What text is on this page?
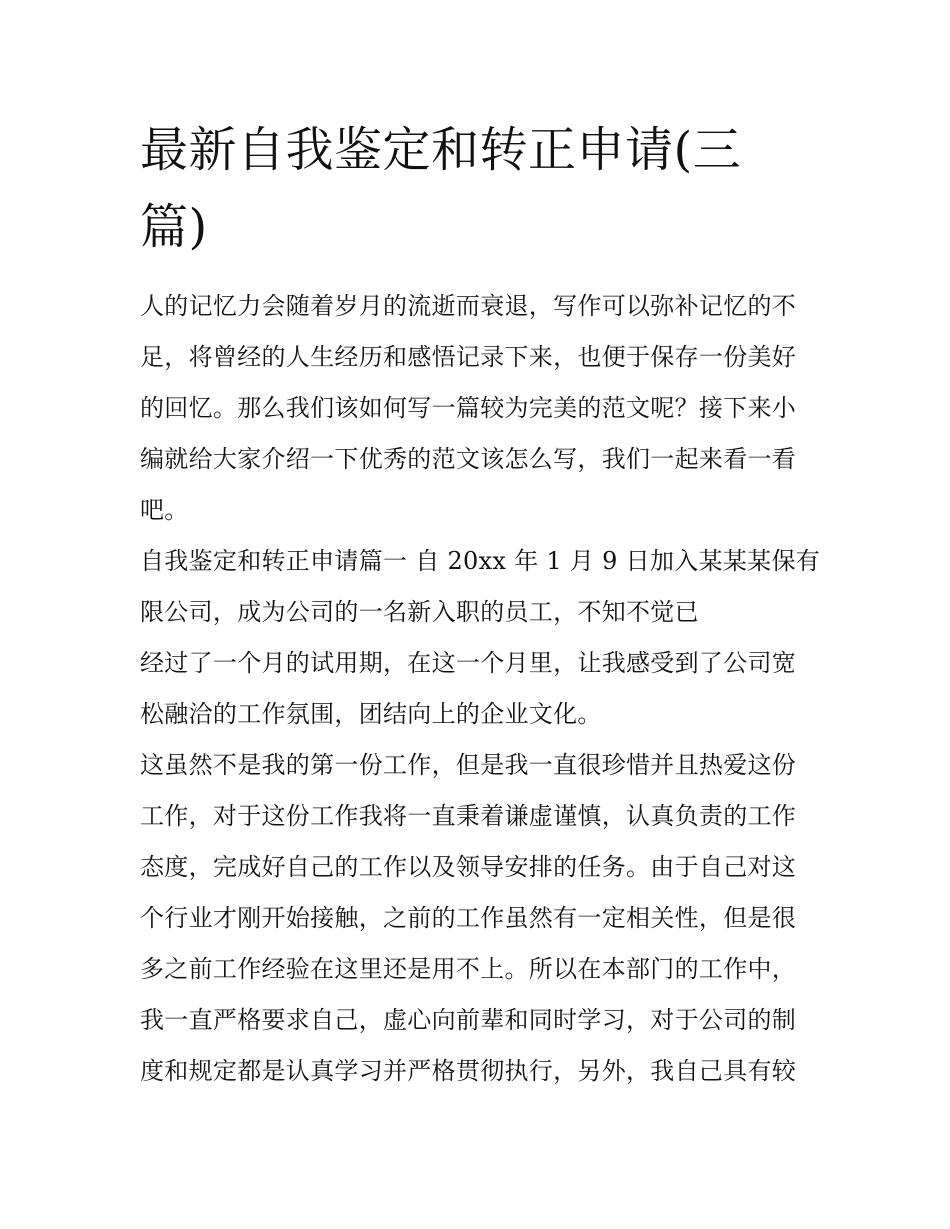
最新自我鉴定和转正申请(三
篇)
人的记忆力会随着岁月的流逝而衰退，写作可以弥补记忆的不
足，将曾经的人生经历和感悟记录下来，也便于保存一份美好
的回忆。那么我们该如何写一篇较为完美的范文呢？接下来小
编就给大家介绍一下优秀的范文该怎么写，我们一起来看一看
吧。
自我鉴定和转正申请篇一 自 20xx 年 1 月 9 日加入某某某保有
限公司，成为公司的一名新入职的员工，不知不觉已
经过了一个月的试用期，在这一个月里，让我感受到了公司宽
松融洽的工作氛围，团结向上的企业文化。
这虽然不是我的第一份工作，但是我一直很珍惜并且热爱这份
工作，对于这份工作我将一直秉着谦虚谨慎，认真负责的工作
态度，完成好自己的工作以及领导安排的任务。由于自己对这
个行业才刚开始接触，之前的工作虽然有一定相关性，但是很
多之前工作经验在这里还是用不上。所以在本部门的工作中，
我一直严格要求自己，虚心向前辈和同时学习，对于公司的制
度和规定都是认真学习并严格贯彻执行，另外，我自己具有较
